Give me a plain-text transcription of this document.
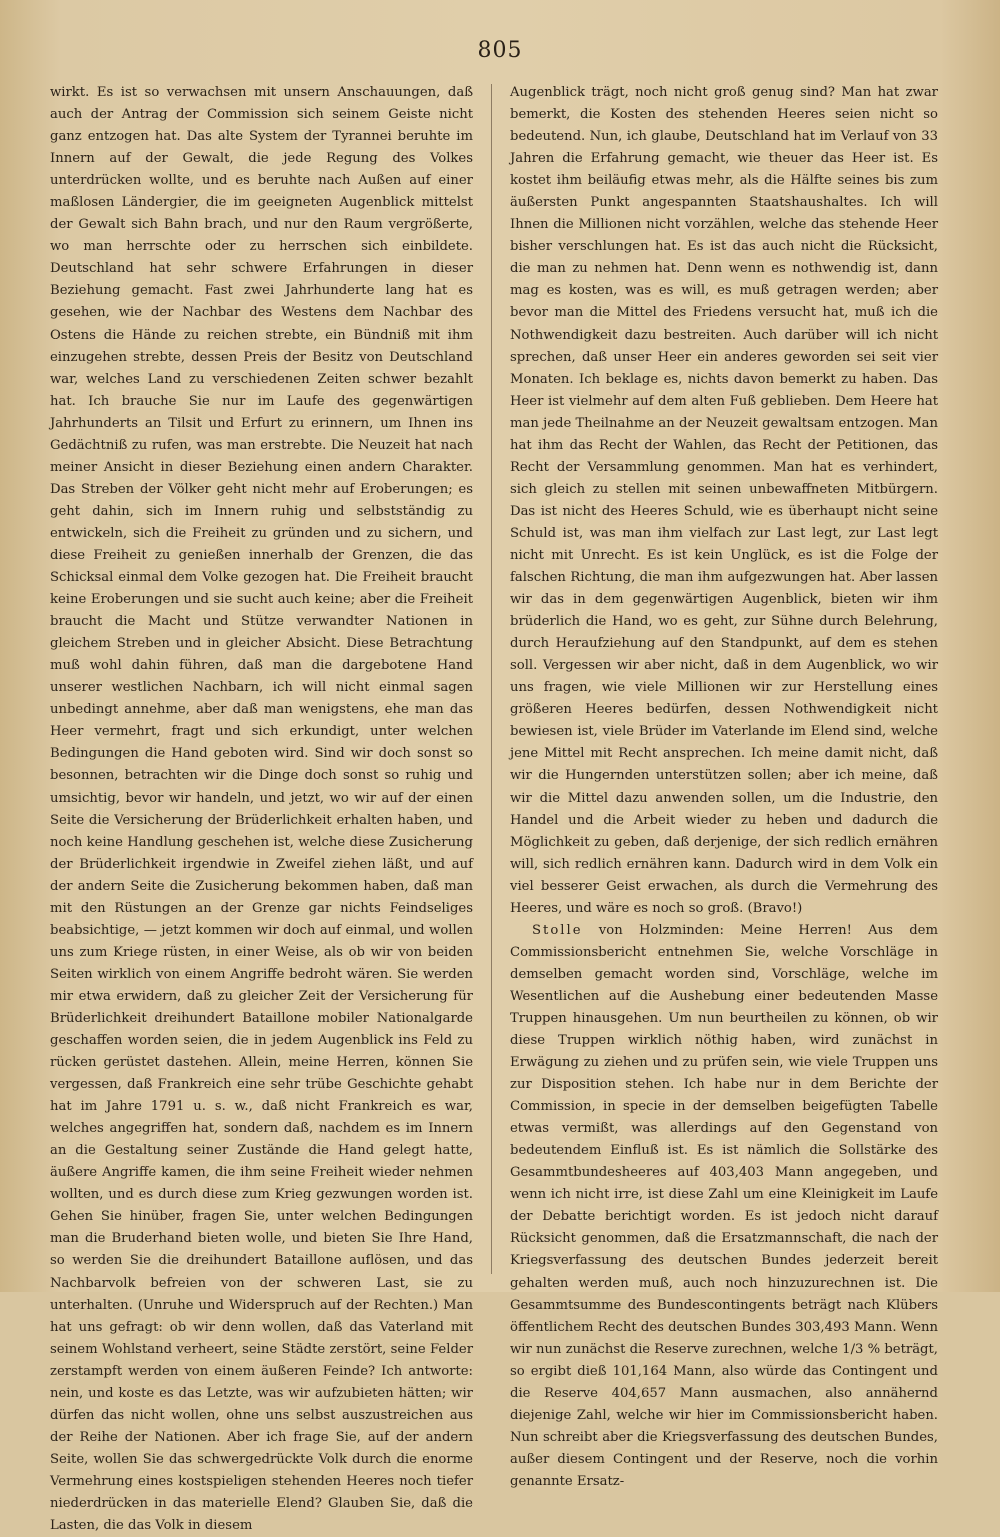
805

wirkt. Es ist so verwachsen mit unsern Anschauungen, daß auch der Antrag der Commission sich seinem Geiste nicht ganz entzogen hat. Das alte System der Tyrannei beruhte im Innern auf der Gewalt, die jede Regung des Volkes unterdrücken wollte, und es beruhte nach Außen auf einer maßlosen Ländergier, die im geeigneten Augenblick mittelst der Gewalt sich Bahn brach, und nur den Raum vergrößerte, wo man herrschte oder zu herrschen sich einbildete. Deutschland hat sehr schwere Erfahrungen in dieser Beziehung gemacht. Fast zwei Jahrhunderte lang hat es gesehen, wie der Nachbar des Westens dem Nachbar des Ostens die Hände zu reichen strebte, ein Bündniß mit ihm einzugehen strebte, dessen Preis der Besitz von Deutschland war, welches Land zu verschiedenen Zeiten schwer bezahlt hat. Ich brauche Sie nur im Laufe des gegenwärtigen Jahrhunderts an Tilsit und Erfurt zu erinnern, um Ihnen ins Gedächtniß zu rufen, was man erstrebte. Die Neuzeit hat nach meiner Ansicht in dieser Beziehung einen andern Charakter. Das Streben der Völker geht nicht mehr auf Eroberungen; es geht dahin, sich im Innern ruhig und selbstständig zu entwickeln, sich die Freiheit zu gründen und zu sichern, und diese Freiheit zu genießen innerhalb der Grenzen, die das Schicksal einmal dem Volke gezogen hat. Die Freiheit braucht keine Eroberungen und sie sucht auch keine; aber die Freiheit braucht die Macht und Stütze verwandter Nationen in gleichem Streben und in gleicher Absicht. Diese Betrachtung muß wohl dahin führen, daß man die dargebotene Hand unserer westlichen Nachbarn, ich will nicht einmal sagen unbedingt annehme, aber daß man wenigstens, ehe man das Heer vermehrt, fragt und sich erkundigt, unter welchen Bedingungen die Hand geboten wird. Sind wir doch sonst so besonnen, betrachten wir die Dinge doch sonst so ruhig und umsichtig, bevor wir handeln, und jetzt, wo wir auf der einen Seite die Versicherung der Brüderlichkeit erhalten haben, und noch keine Handlung geschehen ist, welche diese Zusicherung der Brüderlichkeit irgendwie in Zweifel ziehen läßt, und auf der andern Seite die Zusicherung bekommen haben, daß man mit den Rüstungen an der Grenze gar nichts Feindseliges beabsichtige, — jetzt kommen wir doch auf einmal, und wollen uns zum Kriege rüsten, in einer Weise, als ob wir von beiden Seiten wirklich von einem Angriffe bedroht wären. Sie werden mir etwa erwidern, daß zu gleicher Zeit der Versicherung für Brüderlichkeit dreihundert Bataillone mobiler Nationalgarde geschaffen worden seien, die in jedem Augenblick ins Feld zu rücken gerüstet dastehen. Allein, meine Herren, können Sie vergessen, daß Frankreich eine sehr trübe Geschichte gehabt hat im Jahre 1791 u. s. w., daß nicht Frankreich es war, welches angegriffen hat, sondern daß, nachdem es im Innern an die Gestaltung seiner Zustände die Hand gelegt hatte, äußere Angriffe kamen, die ihm seine Freiheit wieder nehmen wollten, und es durch diese zum Krieg gezwungen worden ist. Gehen Sie hinüber, fragen Sie, unter welchen Bedingungen man die Bruderhand bieten wolle, und bieten Sie Ihre Hand, so werden Sie die dreihundert Bataillone auflösen, und das Nachbarvolk befreien von der schweren Last, sie zu unterhalten. (Unruhe und Widerspruch auf der Rechten.) Man hat uns gefragt: ob wir denn wollen, daß das Vaterland mit seinem Wohlstand verheert, seine Städte zerstört, seine Felder zerstampft werden von einem äußeren Feinde? Ich antworte: nein, und koste es das Letzte, was wir aufzubieten hätten; wir dürfen das nicht wollen, ohne uns selbst auszustreichen aus der Reihe der Nationen. Aber ich frage Sie, auf der andern Seite, wollen Sie das schwergedrückte Volk durch die enorme Vermehrung eines kostspieligen stehenden Heeres noch tiefer niederdrücken in das materielle Elend? Glauben Sie, daß die Lasten, die das Volk in diesem

Augenblick trägt, noch nicht groß genug sind? Man hat zwar bemerkt, die Kosten des stehenden Heeres seien nicht so bedeutend. Nun, ich glaube, Deutschland hat im Verlauf von 33 Jahren die Erfahrung gemacht, wie theuer das Heer ist. Es kostet ihm beiläufig etwas mehr, als die Hälfte seines bis zum äußersten Punkt angespannten Staatshaushaltes. Ich will Ihnen die Millionen nicht vorzählen, welche das stehende Heer bisher verschlungen hat. Es ist das auch nicht die Rücksicht, die man zu nehmen hat. Denn wenn es nothwendig ist, dann mag es kosten, was es will, es muß getragen werden; aber bevor man die Mittel des Friedens versucht hat, muß ich die Nothwendigkeit dazu bestreiten. Auch darüber will ich nicht sprechen, daß unser Heer ein anderes geworden sei seit vier Monaten. Ich beklage es, nichts davon bemerkt zu haben. Das Heer ist vielmehr auf dem alten Fuß geblieben. Dem Heere hat man jede Theilnahme an der Neuzeit gewaltsam entzogen. Man hat ihm das Recht der Wahlen, das Recht der Petitionen, das Recht der Versammlung genommen. Man hat es verhindert, sich gleich zu stellen mit seinen unbewaffneten Mitbürgern. Das ist nicht des Heeres Schuld, wie es überhaupt nicht seine Schuld ist, was man ihm vielfach zur Last legt, zur Last legt nicht mit Unrecht. Es ist kein Unglück, es ist die Folge der falschen Richtung, die man ihm aufgezwungen hat. Aber lassen wir das in dem gegenwärtigen Augenblick, bieten wir ihm brüderlich die Hand, wo es geht, zur Sühne durch Belehrung, durch Heraufziehung auf den Standpunkt, auf dem es stehen soll. Vergessen wir aber nicht, daß in dem Augenblick, wo wir uns fragen, wie viele Millionen wir zur Herstellung eines größeren Heeres bedürfen, dessen Nothwendigkeit nicht bewiesen ist, viele Brüder im Vaterlande im Elend sind, welche jene Mittel mit Recht ansprechen. Ich meine damit nicht, daß wir die Hungernden unterstützen sollen; aber ich meine, daß wir die Mittel dazu anwenden sollen, um die Industrie, den Handel und die Arbeit wieder zu heben und dadurch die Möglichkeit zu geben, daß derjenige, der sich redlich ernähren will, sich redlich ernähren kann. Dadurch wird in dem Volk ein viel besserer Geist erwachen, als durch die Vermehrung des Heeres, und wäre es noch so groß. (Bravo!)

Stolle von Holzminden: Meine Herren! Aus dem Commissionsbericht entnehmen Sie, welche Vorschläge in demselben gemacht worden sind, Vorschläge, welche im Wesentlichen auf die Aushebung einer bedeutenden Masse Truppen hinausgehen. Um nun beurtheilen zu können, ob wir diese Truppen wirklich nöthig haben, wird zunächst in Erwägung zu ziehen und zu prüfen sein, wie viele Truppen uns zur Disposition stehen. Ich habe nur in dem Berichte der Commission, in specie in der demselben beigefügten Tabelle etwas vermißt, was allerdings auf den Gegenstand von bedeutendem Einfluß ist. Es ist nämlich die Sollstärke des Gesammtbundesheeres auf 403,403 Mann angegeben, und wenn ich nicht irre, ist diese Zahl um eine Kleinigkeit im Laufe der Debatte berichtigt worden. Es ist jedoch nicht darauf Rücksicht genommen, daß die Ersatzmannschaft, die nach der Kriegsverfassung des deutschen Bundes jederzeit bereit gehalten werden muß, auch noch hinzuzurechnen ist. Die Gesammtsumme des Bundescontingents beträgt nach Klübers öffentlichem Recht des deutschen Bundes 303,493 Mann. Wenn wir nun zunächst die Reserve zurechnen, welche 1/3 % beträgt, so ergibt dieß 101,164 Mann, also würde das Contingent und die Reserve 404,657 Mann ausmachen, also annähernd diejenige Zahl, welche wir hier im Commissionsbericht haben. Nun schreibt aber die Kriegsverfassung des deutschen Bundes, außer diesem Contingent und der Reserve, noch die vorhin genannte Ersatz-
